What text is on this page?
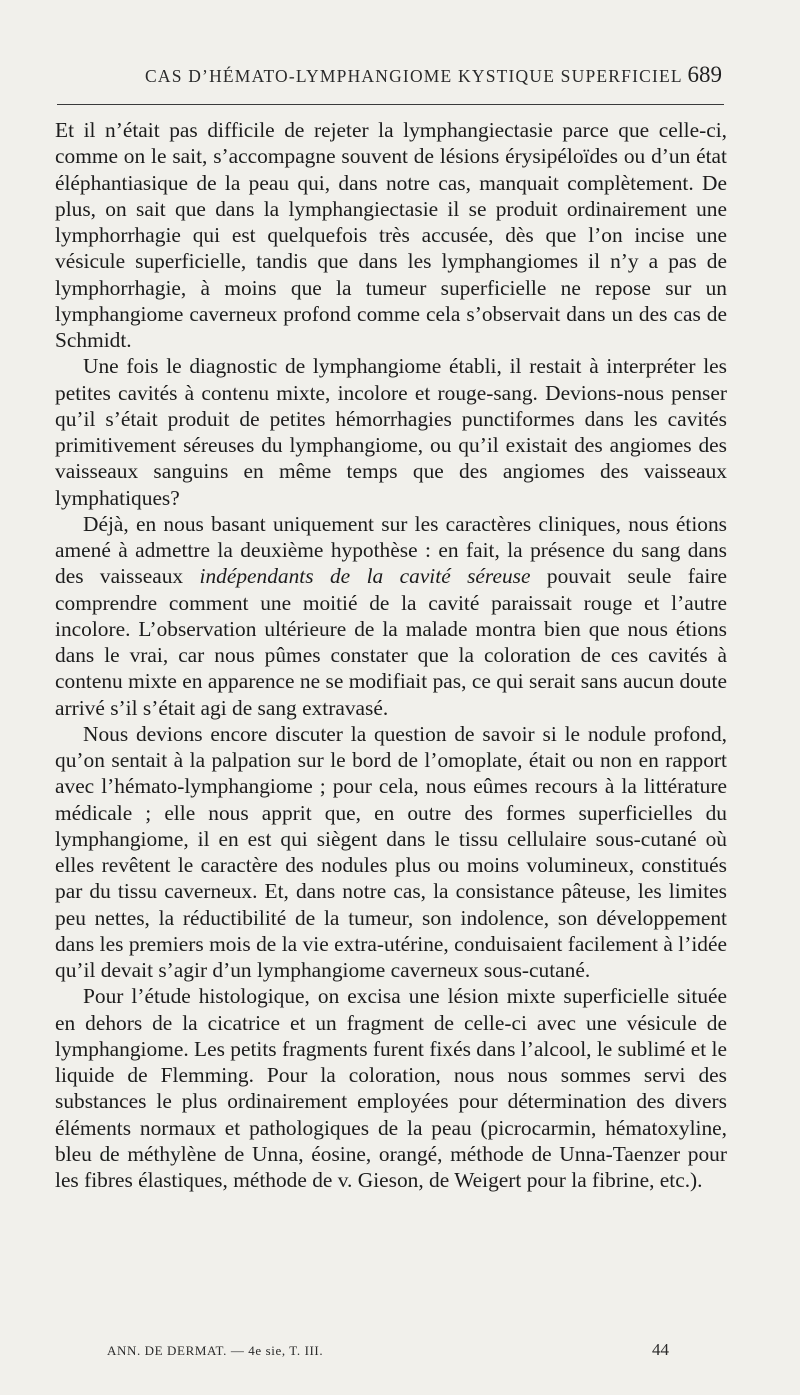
CAS D’HÉMATO-LYMPHANGIOME KYSTIQUE SUPERFICIEL 689

Et il n’était pas difficile de rejeter la lymphangiectasie parce que celle-ci, comme on le sait, s’accompagne souvent de lésions érysipéloïdes ou d’un état éléphantiasique de la peau qui, dans notre cas, manquait complètement. De plus, on sait que dans la lymphangiectasie il se produit ordinairement une lymphorrhagie qui est quelquefois très accusée, dès que l’on incise une vésicule superficielle, tandis que dans les lymphangiomes il n’y a pas de lymphorrhagie, à moins que la tumeur superficielle ne repose sur un lymphangiome caverneux profond comme cela s’observait dans un des cas de Schmidt.

Une fois le diagnostic de lymphangiome établi, il restait à interpréter les petites cavités à contenu mixte, incolore et rouge-sang. Devions-nous penser qu’il s’était produit de petites hémorrhagies punctiformes dans les cavités primitivement séreuses du lymphangiome, ou qu’il existait des angiomes des vaisseaux sanguins en même temps que des angiomes des vaisseaux lymphatiques?

Déjà, en nous basant uniquement sur les caractères cliniques, nous étions amené à admettre la deuxième hypothèse : en fait, la présence du sang dans des vaisseaux indépendants de la cavité séreuse pouvait seule faire comprendre comment une moitié de la cavité paraissait rouge et l’autre incolore. L’observation ultérieure de la malade montra bien que nous étions dans le vrai, car nous pûmes constater que la coloration de ces cavités à contenu mixte en apparence ne se modifiait pas, ce qui serait sans aucun doute arrivé s’il s’était agi de sang extravasé.

Nous devions encore discuter la question de savoir si le nodule profond, qu’on sentait à la palpation sur le bord de l’omoplate, était ou non en rapport avec l’hémato-lymphangiome ; pour cela, nous eûmes recours à la littérature médicale ; elle nous apprit que, en outre des formes superficielles du lymphangiome, il en est qui siègent dans le tissu cellulaire sous-cutané où elles revêtent le caractère des nodules plus ou moins volumineux, constitués par du tissu caverneux. Et, dans notre cas, la consistance pâteuse, les limites peu nettes, la réductibilité de la tumeur, son indolence, son développement dans les premiers mois de la vie extra-utérine, conduisaient facilement à l’idée qu’il devait s’agir d’un lymphangiome caverneux sous-cutané.

Pour l’étude histologique, on excisa une lésion mixte superficielle située en dehors de la cicatrice et un fragment de celle-ci avec une vésicule de lymphangiome. Les petits fragments furent fixés dans l’alcool, le sublimé et le liquide de Flemming. Pour la coloration, nous nous sommes servi des substances le plus ordinairement employées pour détermination des divers éléments normaux et pathologiques de la peau (picrocarmin, hématoxyline, bleu de méthylène de Unna, éosine, orangé, méthode de Unna-Taenzer pour les fibres élastiques, méthode de v. Gieson, de Weigert pour la fibrine, etc.).

ANN. DE DERMAT. — 4e sie, T. III.	44
